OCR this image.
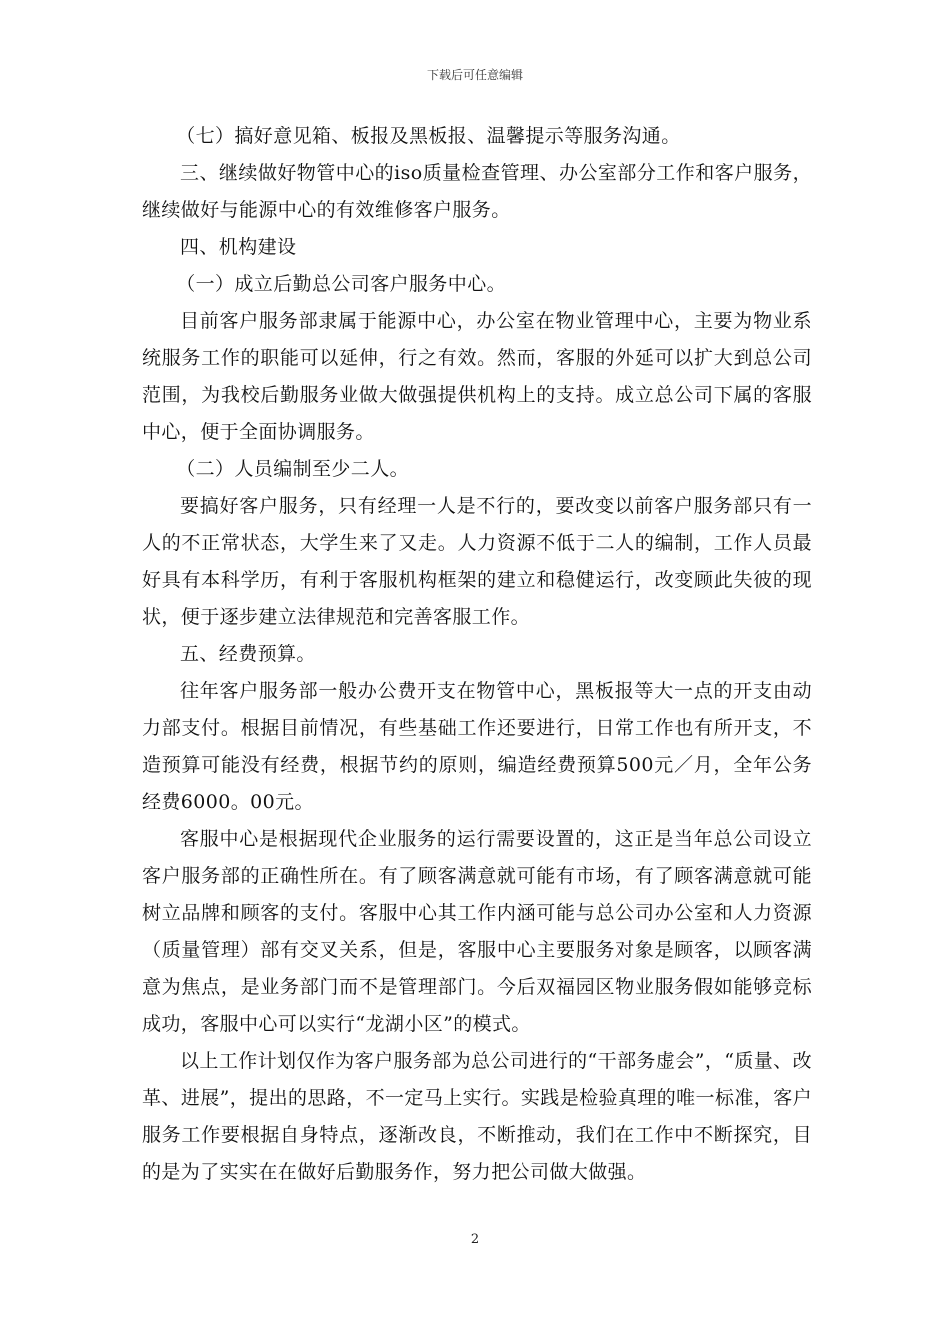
下载后可任意编辑

（七）搞好意见箱、板报及黑板报、温馨提示等服务沟通。

三、继续做好物管中心的iso质量检查管理、办公室部分工作和客户服务，继续做好与能源中心的有效维修客户服务。

四、机构建设

（一）成立后勤总公司客户服务中心。

目前客户服务部隶属于能源中心，办公室在物业管理中心，主要为物业系统服务工作的职能可以延伸，行之有效。然而，客服的外延可以扩大到总公司范围，为我校后勤服务业做大做强提供机构上的支持。成立总公司下属的客服中心，便于全面协调服务。

（二）人员编制至少二人。

要搞好客户服务，只有经理一人是不行的，要改变以前客户服务部只有一人的不正常状态，大学生来了又走。人力资源不低于二人的编制，工作人员最好具有本科学历，有利于客服机构框架的建立和稳健运行，改变顾此失彼的现状，便于逐步建立法律规范和完善客服工作。

五、经费预算。

往年客户服务部一般办公费开支在物管中心，黑板报等大一点的开支由动力部支付。根据目前情况，有些基础工作还要进行，日常工作也有所开支，不造预算可能没有经费，根据节约的原则，编造经费预算500元／月，全年公务经费6000。00元。

客服中心是根据现代企业服务的运行需要设置的，这正是当年总公司设立客户服务部的正确性所在。有了顾客满意就可能有市场，有了顾客满意就可能树立品牌和顾客的支付。客服中心其工作内涵可能与总公司办公室和人力资源（质量管理）部有交叉关系，但是，客服中心主要服务对象是顾客，以顾客满意为焦点，是业务部门而不是管理部门。今后双福园区物业服务假如能够竞标成功，客服中心可以实行“龙湖小区”的模式。

以上工作计划仅作为客户服务部为总公司进行的“干部务虚会”，“质量、改革、进展”，提出的思路，不一定马上实行。实践是检验真理的唯一标准，客户服务工作要根据自身特点，逐渐改良，不断推动，我们在工作中不断探究，目的是为了实实在在做好后勤服务作，努力把公司做大做强。

2
